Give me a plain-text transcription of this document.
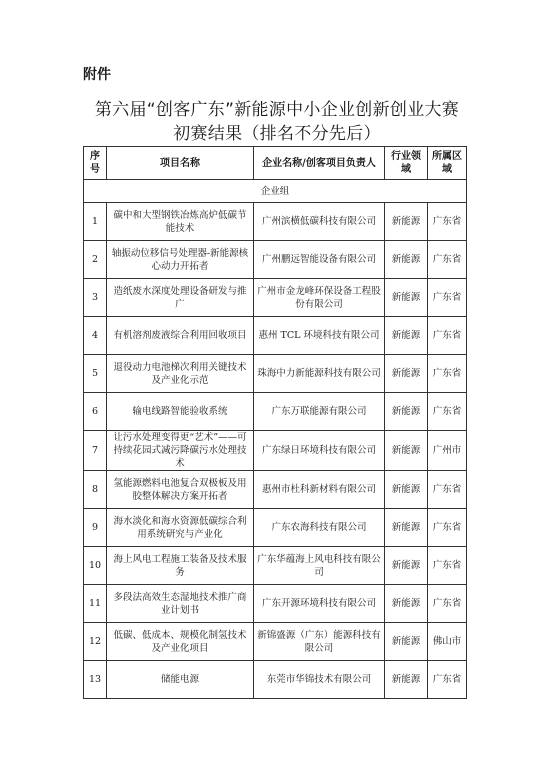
附件
第六届“创客广东”新能源中小企业创新创业大赛
初赛结果（排名不分先后）
序号	项目名称	企业名称/创客项目负责人	行业领域	所属区域
企业组				
1	碳中和大型钢铁冶炼高炉低碳节能技术	广州滨横低碳科技有限公司	新能源	广东省
2	轴振动位移信号处理器-新能源核心动力开拓者	广州鹏远智能设备有限公司	新能源	广东省
3	造纸废水深度处理设备研发与推广	广州市金龙峰环保设备工程股份有限公司	新能源	广东省
4	有机溶剂废液综合利用回收项目	惠州 TCL 环境科技有限公司	新能源	广东省
5	退役动力电池梯次利用关键技术及产业化示范	珠海中力新能源科技有限公司	新能源	广东省
6	输电线路智能验收系统	广东万联能源有限公司	新能源	广东省
7	让污水处理变得更“艺术”——可持续花园式减污降碳污水处理技术	广东绿日环境科技有限公司	新能源	广州市
8	氢能源燃料电池复合双极板及用胶整体解决方案开拓者	惠州市杜科新材料有限公司	新能源	广东省
9	海水淡化和海水资源低碳综合利用系统研究与产业化	广东农海科技有限公司	新能源	广东省
10	海上风电工程施工装备及技术服务	广东华蕴海上风电科技有限公司	新能源	广东省
11	多段法高效生态湿地技术推广商业计划书	广东开源环境科技有限公司	新能源	广东省
12	低碳、低成本、规模化制氢技术及产业化项目	新锦盛源（广东）能源科技有限公司	新能源	佛山市
13	储能电源	东莞市华锦技术有限公司	新能源	广东省
